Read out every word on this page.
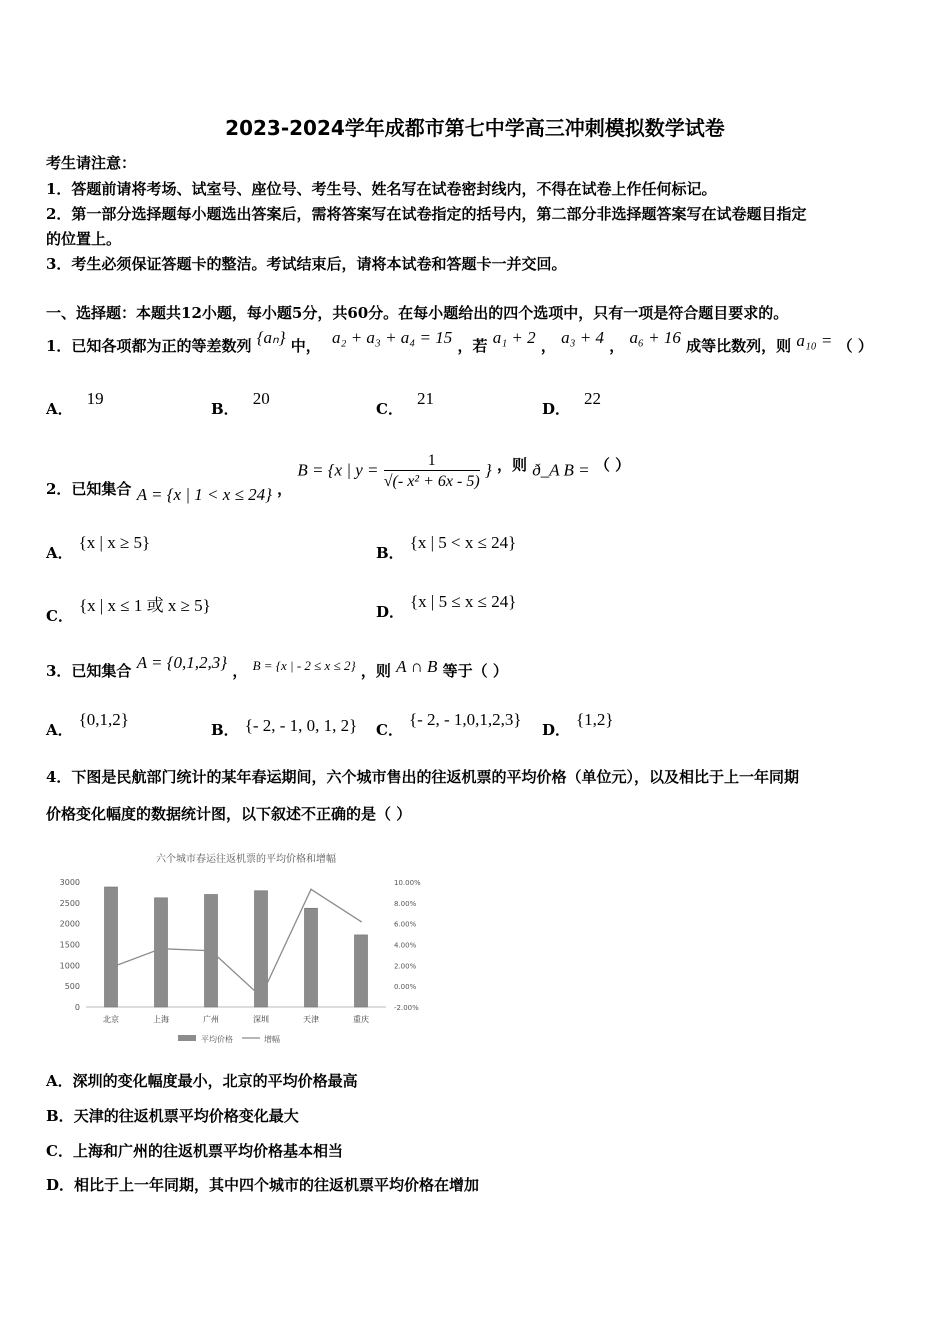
2023-2024学年成都市第七中学高三冲刺模拟数学试卷
考生请注意：
1．答题前请将考场、试室号、座位号、考生号、姓名写在试卷密封线内，不得在试卷上作任何标记。
2．第一部分选择题每小题选出答案后，需将答案写在试卷指定的括号内，第二部分非选择题答案写在试卷题目指定
的位置上。
3．考生必须保证答题卡的整洁。考试结束后，请将本试卷和答题卡一并交回。
一、选择题：本题共12小题，每小题5分，共60分。在每小题给出的四个选项中，只有一项是符合题目要求的。
1．已知各项都为正的等差数列 {aₙ} 中， a₂ + a₃ + a₄ = 15 ，若 a₁ + 2 ， a₃ + 4 ， a₆ + 16 成等比数列，则 a₁₀ = （ ）
A．19
B．20
C．21
D．22
2．已知集合 A = {x | 1 < x ≤ 24} ， B = {x | $y = \frac{1}{\text{√(- x² + 6x - 5)}}$ } ，则 ð_A B = （ ）
A．{x | x ≥ 5}
B．{x | 5 < x ≤ 24}
C．{x | x ≤ 1 或 x ≥ 5}	D．{x | 5 ≤ x ≤ 24}
3．已知集合 A = {0,1,2,3} ， B = {x | - 2 ≤ x ≤ 2} ，则 A ∩ B 等于（ ）
A．{0,1,2}
B． {- 2, - 1, 0, 1, 2} C．{- 2, - 1,0,1,2,3}
D．{1,2}
4．下图是民航部门统计的某年春运期间，六个城市售出的往返机票的平均价格（单位元），以及相比于上一年同期
价格变化幅度的数据统计图，以下叙述不正确的是（ ）
六个城市春运往返机票的平均价格和增幅
0
500
1000
1500
2000
2500
3000
-2.00%
0.00%
2.00%
4.00%
6.00%
8.00%
10.00%
北京	上海	广州	深圳	天津	重庆
平均价格	增幅
A．深圳的变化幅度最小，北京的平均价格最高
B．天津的往返机票平均价格变化最大
C．上海和广州的往返机票平均价格基本相当
D．相比于上一年同期，其中四个城市的往返机票平均价格在增加
